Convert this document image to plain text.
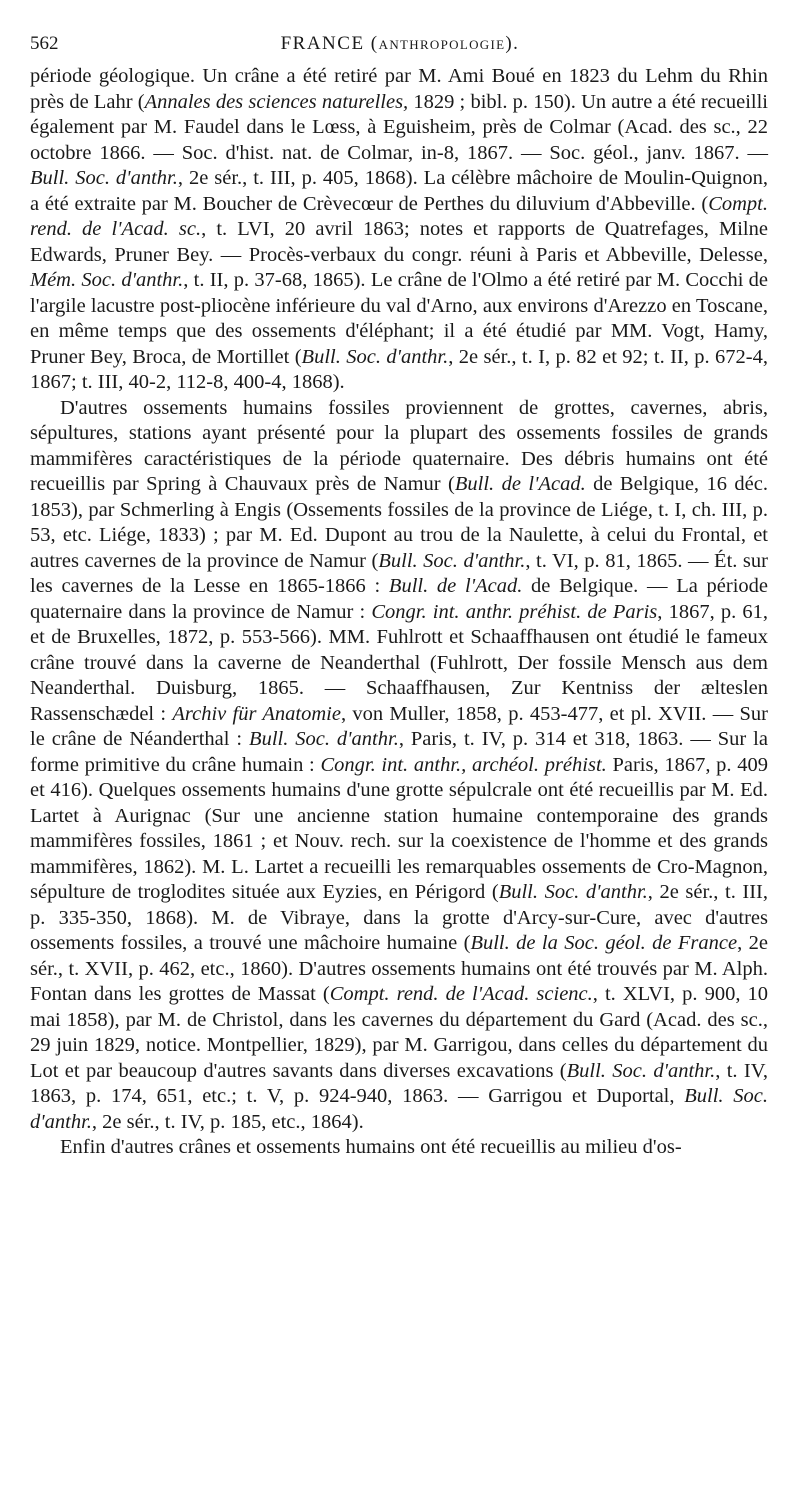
562	FRANCE (ANTHROPOLOGIE).

période géologique. Un crâne a été retiré par M. Ami Boué en 1823 du Lehm du Rhin près de Lahr (Annales des sciences naturelles, 1829 ; bibl. p. 150). Un autre a été recueilli également par M. Faudel dans le Lœss, à Eguisheim, près de Colmar (Acad. des sc., 22 octobre 1866. — Soc. d'hist. nat. de Colmar, in-8, 1867. — Soc. géol., janv. 1867. — Bull. Soc. d'anthr., 2e sér., t. III, p. 405, 1868). La célèbre mâchoire de Moulin-Quignon, a été extraite par M. Boucher de Crèvecœur de Perthes du diluvium d'Abbeville. (Compt. rend. de l'Acad. sc., t. LVI, 20 avril 1863; notes et rapports de Quatrefages, Milne Edwards, Pruner Bey. — Procès-verbaux du congr. réuni à Paris et Abbeville, Delesse, Mém. Soc. d'anthr., t. II, p. 37-68, 1865). Le crâne de l'Olmo a été retiré par M. Cocchi de l'argile lacustre post-pliocène inférieure du val d'Arno, aux environs d'Arezzo en Toscane, en même temps que des ossements d'éléphant; il a été étudié par MM. Vogt, Hamy, Pruner Bey, Broca, de Mortillet (Bull. Soc. d'anthr., 2e sér., t. I, p. 82 et 92; t. II, p. 672-4, 1867; t. III, 40-2, 112-8, 400-4, 1868).

D'autres ossements humains fossiles proviennent de grottes, cavernes, abris, sépultures, stations ayant présenté pour la plupart des ossements fossiles de grands mammifères caractéristiques de la période quaternaire. Des débris humains ont été recueillis par Spring à Chauvaux près de Namur (Bull. de l'Acad. de Belgique, 16 déc. 1853), par Schmerling à Engis (Ossements fossiles de la province de Liége, t. I, ch. III, p. 53, etc. Liége, 1833) ; par M. Ed. Dupont au trou de la Naulette, à celui du Frontal, et autres cavernes de la province de Namur (Bull. Soc. d'anthr., t. VI, p. 81, 1865. — Ét. sur les cavernes de la Lesse en 1865-1866 : Bull. de l'Acad. de Belgique. — La période quaternaire dans la province de Namur : Congr. int. anthr. préhist. de Paris, 1867, p. 61, et de Bruxelles, 1872, p. 553-566). MM. Fuhlrott et Schaaffhausen ont étudié le fameux crâne trouvé dans la caverne de Neanderthal (Fuhlrott, Der fossile Mensch aus dem Neanderthal. Duisburg, 1865. — Schaaffhausen, Zur Kentniss der ælteslen Rassenschædel : Archiv für Anatomie, von Muller, 1858, p. 453-477, et pl. XVII. — Sur le crâne de Néanderthal : Bull. Soc. d'anthr., Paris, t. IV, p. 314 et 318, 1863. — Sur la forme primitive du crâne humain : Congr. int. anthr., archéol. préhist. Paris, 1867, p. 409 et 416). Quelques ossements humains d'une grotte sépulcrale ont été recueillis par M. Ed. Lartet à Aurignac (Sur une ancienne station humaine contemporaine des grands mammifères fossiles, 1861 ; et Nouv. rech. sur la coexistence de l'homme et des grands mammifères, 1862). M. L. Lartet a recueilli les remarquables ossements de Cro-Magnon, sépulture de troglodites située aux Eyzies, en Périgord (Bull. Soc. d'anthr., 2e sér., t. III, p. 335-350, 1868). M. de Vibraye, dans la grotte d'Arcy-sur-Cure, avec d'autres ossements fossiles, a trouvé une mâchoire humaine (Bull. de la Soc. géol. de France, 2e sér., t. XVII, p. 462, etc., 1860). D'autres ossements humains ont été trouvés par M. Alph. Fontan dans les grottes de Massat (Compt. rend. de l'Acad. scienc., t. XLVI, p. 900, 10 mai 1858), par M. de Christol, dans les cavernes du département du Gard (Acad. des sc., 29 juin 1829, notice. Montpellier, 1829), par M. Garrigou, dans celles du département du Lot et par beaucoup d'autres savants dans diverses excavations (Bull. Soc. d'anthr., t. IV, 1863, p. 174, 651, etc.; t. V, p. 924-940, 1863. — Garrigou et Duportal, Bull. Soc. d'anthr., 2e sér., t. IV, p. 185, etc., 1864).

Enfin d'autres crânes et ossements humains ont été recueillis au milieu d'os-
